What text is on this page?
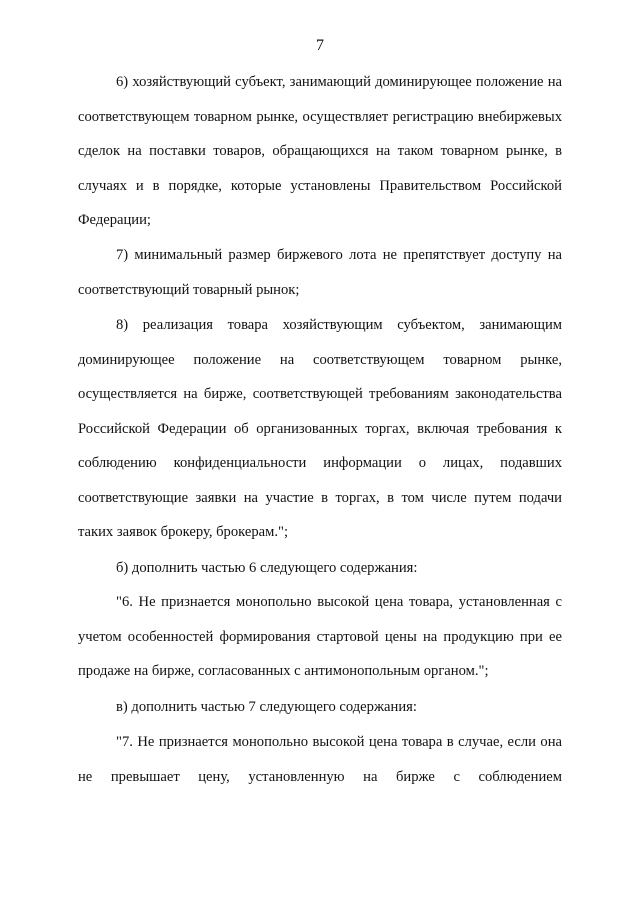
7

6) хозяйствующий субъект, занимающий доминирующее положение на соответствующем товарном рынке, осуществляет регистрацию внебиржевых сделок на поставки товаров, обращающихся на таком товарном рынке, в случаях и в порядке, которые установлены Правительством Российской Федерации;

7) минимальный размер биржевого лота не препятствует доступу на соответствующий товарный рынок;

8) реализация товара хозяйствующим субъектом, занимающим доминирующее положение на соответствующем товарном рынке, осуществляется на бирже, соответствующей требованиям законодательства Российской Федерации об организованных торгах, включая требования к соблюдению конфиденциальности информации о лицах, подавших соответствующие заявки на участие в торгах, в том числе путем подачи таких заявок брокеру, брокерам.";

б) дополнить частью 6 следующего содержания:

"6. Не признается монопольно высокой цена товара, установленная с учетом особенностей формирования стартовой цены на продукцию при ее продаже на бирже, согласованных с антимонопольным органом.";

в) дополнить частью 7 следующего содержания:

"7. Не признается монопольно высокой цена товара в случае, если она не превышает цену, установленную на бирже с соблюдением
